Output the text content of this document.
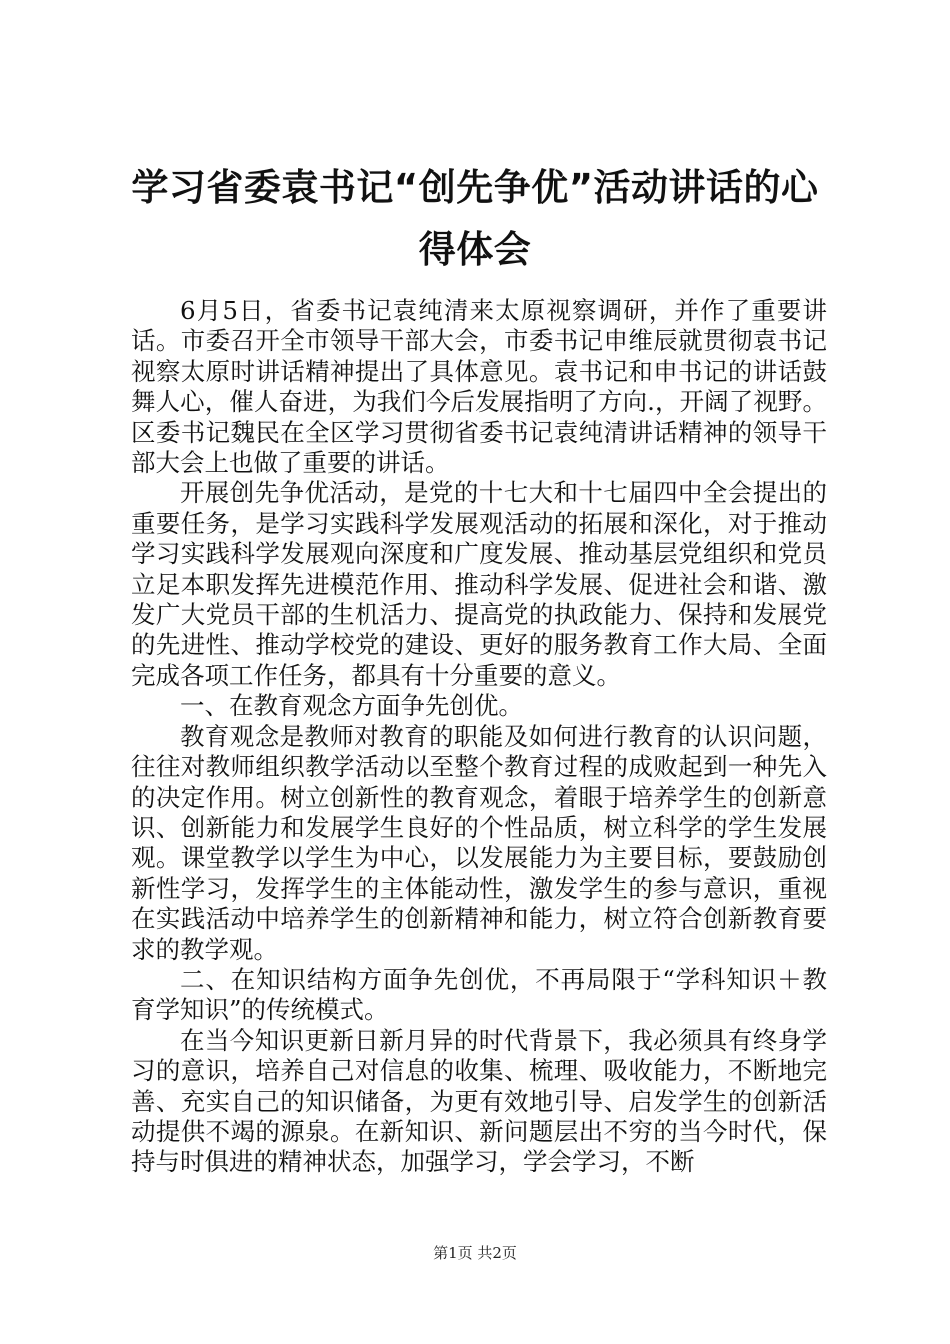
学习省委袁书记“创先争优”活动讲话的心得体会

6月5日，省委书记袁纯清来太原视察调研，并作了重要讲话。市委召开全市领导干部大会，市委书记申维辰就贯彻袁书记视察太原时讲话精神提出了具体意见。袁书记和申书记的讲话鼓舞人心，催人奋进，为我们今后发展指明了方向.，开阔了视野。区委书记魏民在全区学习贯彻省委书记袁纯清讲话精神的领导干部大会上也做了重要的讲话。

开展创先争优活动，是党的十七大和十七届四中全会提出的重要任务，是学习实践科学发展观活动的拓展和深化，对于推动学习实践科学发展观向深度和广度发展、推动基层党组织和党员立足本职发挥先进模范作用、推动科学发展、促进社会和谐、激发广大党员干部的生机活力、提高党的执政能力、保持和发展党的先进性、推动学校党的建设、更好的服务教育工作大局、全面完成各项工作任务，都具有十分重要的意义。

一、在教育观念方面争先创优。

教育观念是教师对教育的职能及如何进行教育的认识问题，往往对教师组织教学活动以至整个教育过程的成败起到一种先入的决定作用。树立创新性的教育观念，着眼于培养学生的创新意识、创新能力和发展学生良好的个性品质，树立科学的学生发展观。课堂教学以学生为中心，以发展能力为主要目标，要鼓励创新性学习，发挥学生的主体能动性，激发学生的参与意识，重视在实践活动中培养学生的创新精神和能力，树立符合创新教育要求的教学观。

二、在知识结构方面争先创优，不再局限于“学科知识＋教育学知识”的传统模式。

在当今知识更新日新月异的时代背景下，我必须具有终身学习的意识，培养自己对信息的收集、梳理、吸收能力，不断地完善、充实自己的知识储备，为更有效地引导、启发学生的创新活动提供不竭的源泉。在新知识、新问题层出不穷的当今时代，保持与时俱进的精神状态，加强学习，学会学习，不断

第1页 共2页
